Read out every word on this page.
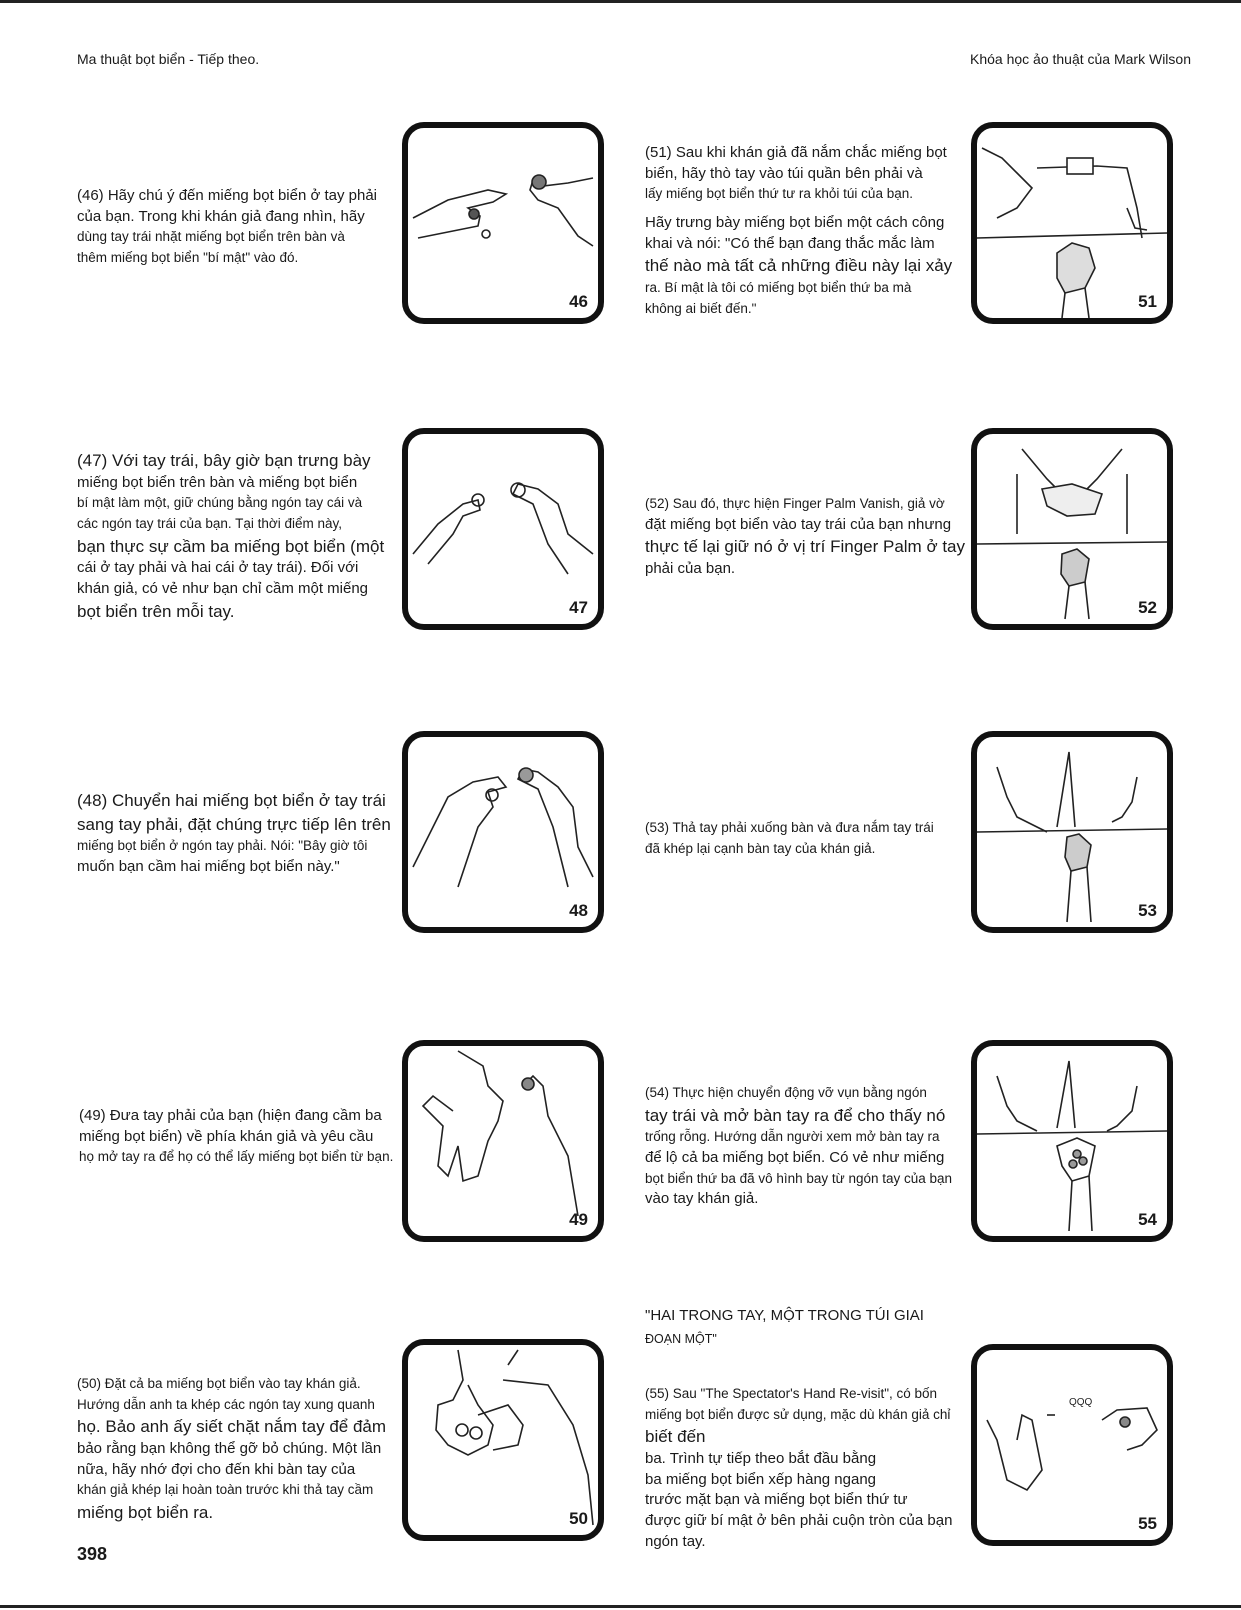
Ma thuật bọt biển - Tiếp theo.	Khóa học ảo thuật của Mark Wilson

(46) Hãy chú ý đến miếng bọt biển ở tay phải
của bạn. Trong khi khán giả đang nhìn, hãy
dùng tay trái nhặt miếng bọt biển trên bàn và
thêm miếng bọt biển "bí mật" vào đó.

46

(51) Sau khi khán giả đã nắm chắc miếng bọt
biển, hãy thò tay vào túi quần bên phải và
lấy miếng bọt biển thứ tư ra khỏi túi của bạn.

Hãy trưng bày miếng bọt biển một cách công
khai và nói: "Có thể bạn đang thắc mắc làm
thế nào mà tất cả những điều này lại xảy
ra. Bí mật là tôi có miếng bọt biển thứ ba mà
không ai biết đến."	51

(47) Với tay trái, bây giờ bạn trưng bày
miếng bọt biển trên bàn và miếng bọt biển
bí mật làm một, giữ chúng bằng ngón tay cái và
các ngón tay trái của bạn. Tại thời điểm này,
bạn thực sự cầm ba miếng bọt biển (một
cái ở tay phải và hai cái ở tay trái). Đối với
khán giả, có vẻ như bạn chỉ cầm một miếng
bọt biển trên mỗi tay.	47

(52) Sau đó, thực hiện Finger Palm Vanish, giả vờ
đặt miếng bọt biển vào tay trái của bạn nhưng
thực tế lại giữ nó ở vị trí Finger Palm ở tay
phải của bạn.

52

(48) Chuyển hai miếng bọt biển ở tay trái
sang tay phải, đặt chúng trực tiếp lên trên
miếng bọt biển ở ngón tay phải. Nói: "Bây giờ tôi
muốn bạn cầm hai miếng bọt biển này."

48

(53) Thả tay phải xuống bàn và đưa nắm tay trái
đã khép lại cạnh bàn tay của khán giả.

53

(49) Đưa tay phải của bạn (hiện đang cầm ba
miếng bọt biển) về phía khán giả và yêu cầu
họ mở tay ra để họ có thể lấy miếng bọt biển từ bạn.

49

(54) Thực hiện chuyển động vỡ vụn bằng ngón
tay trái và mở bàn tay ra để cho thấy nó
trống rỗng. Hướng dẫn người xem mở bàn tay ra
để lộ cả ba miếng bọt biển. Có vẻ như miếng
bọt biển thứ ba đã vô hình bay từ ngón tay của bạn
vào tay khán giả.

54
"HAI TRONG TAY, MỘT TRONG TÚI GIAI
ĐOẠN MỘT"

(50) Đặt cả ba miếng bọt biển vào tay khán giả.
Hướng dẫn anh ta khép các ngón tay xung quanh
họ. Bảo anh ấy siết chặt nắm tay để đảm
bảo rằng bạn không thể gỡ bỏ chúng. Một lần
nữa, hãy nhớ đợi cho đến khi bàn tay của
khán giả khép lại hoàn toàn trước khi thả tay cầm
miếng bọt biển ra.	50

(55) Sau "The Spectator's Hand Re-visit", có bốn
miếng bọt biển được sử dụng, mặc dù khán giả chỉ
biết đến
ba. Trình tự tiếp theo bắt đầu bằng
ba miếng bọt biển xếp hàng ngang
trước mặt bạn và miếng bọt biển thứ tư
được giữ bí mật ở bên phải cuộn tròn của bạn
ngón tay.

QQQ
55
398
